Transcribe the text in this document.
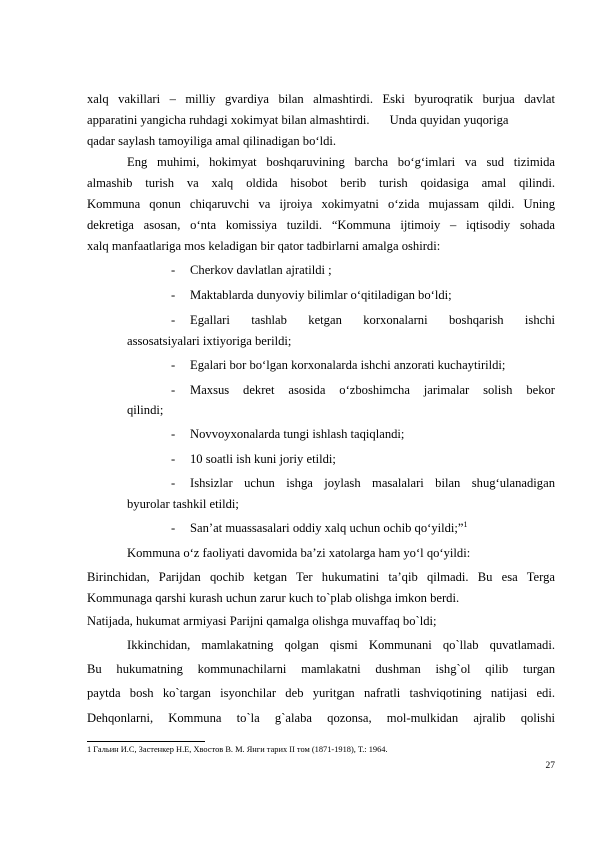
xalq vakillari – milliy gvardiya bilan almashtirdi. Eski byuroqratik burjua davlat
apparatini yangicha ruhdagi xokimyat bilan almashtirdi. Unda quyidan yuqoriga
qadar saylash tamoyiliga amal qilinadigan bo‘ldi.
Eng muhimi, hokimyat boshqaruvining barcha bo‘g‘imlari va sud tizimida
almashib turish va xalq oldida hisobot berib turish qoidasiga amal qilindi.
Kommuna qonun chiqaruvchi va ijroiya xokimyatni o‘zida mujassam qildi. Uning
dekretiga asosan, o‘nta komissiya tuzildi. “Kommuna ijtimoiy – iqtisodiy sohada
xalq manfaatlariga mos keladigan bir qator tadbirlarni amalga oshirdi:
- Cherkov davlatlan ajratildi ;
- Maktablarda dunyoviy bilimlar o‘qitiladigan bo‘ldi;
- Egallari tashlab ketgan korxonalarni boshqarish ishchi
assosatsiyalari ixtiyoriga berildi;
- Egalari bor bo‘lgan korxonalarda ishchi anzorati kuchaytirildi;
- Maxsus dekret asosida o‘zboshimcha jarimalar solish bekor
qilindi;
- Novvoyxonalarda tungi ishlash taqiqlandi;
- 10 soatli ish kuni joriy etildi;
- Ishsizlar uchun ishga joylash masalalari bilan shug‘ulanadigan
byurolar tashkil etildi;
- San’at muassasalari oddiy xalq uchun ochib qo‘yildi;”$^1$
Kommuna o‘z faoliyati davomida ba’zi xatolarga ham yo‘l qo‘yildi:
Birinchidan, Parijdan qochib ketgan Ter hukumatini ta’qib qilmadi. Bu esa Terga
Kommunaga qarshi kurash uchun zarur kuch to`plab olishga imkon berdi.
Natijada, hukumat armiyasi Parijni qamalga olishga muvaffaq bo`ldi;
Ikkinchidan, mamlakatning qolgan qismi Kommunani qo`llab quvatlamadi.
Bu hukumatning kommunachilarni mamlakatni dushman ishg`ol qilib turgan
paytda bosh ko`targan isyonchilar deb yuritgan nafratli tashviqotining natijasi edi.
Dehqonlarni, Kommuna to`la g`alaba qozonsa, mol-mulkidan ajralib qolishi
1 Гальин И.С, Застенкер Н.Е, Хвостов В. М. Янги тарих II том (1871-1918), Т.: 1964.
27
